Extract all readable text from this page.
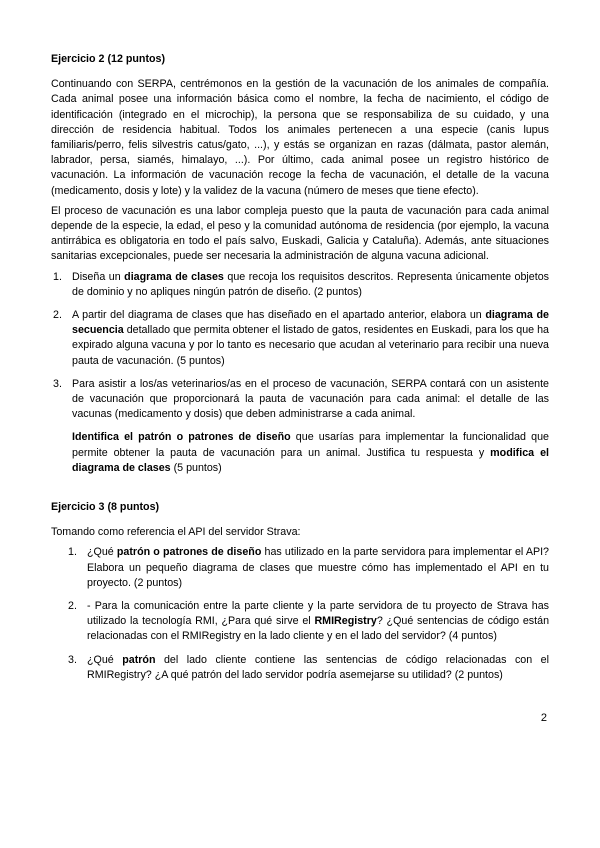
Ejercicio 2 (12 puntos)

Continuando con SERPA, centrémonos en la gestión de la vacunación de los animales de compañía. Cada animal posee una información básica como el nombre, la fecha de nacimiento, el código de identificación (integrado en el microchip), la persona que se responsabiliza de su cuidado, y una dirección de residencia habitual. Todos los animales pertenecen a una especie (canis lupus familiaris/perro, felis silvestris catus/gato, ...), y estás se organizan en razas (dálmata, pastor alemán, labrador, persa, siamés, himalayo, ...). Por último, cada animal posee un registro histórico de vacunación. La información de vacunación recoge la fecha de vacunación, el detalle de la vacuna (medicamento, dosis y lote) y la validez de la vacuna (número de meses que tiene efecto).

El proceso de vacunación es una labor compleja puesto que la pauta de vacunación para cada animal depende de la especie, la edad, el peso y la comunidad autónoma de residencia (por ejemplo, la vacuna antirrábica es obligatoria en todo el país salvo, Euskadi, Galicia y Cataluña). Además, ante situaciones sanitarias excepcionales, puede ser necesaria la administración de alguna vacuna adicional.

1. Diseña un diagrama de clases que recoja los requisitos descritos. Representa únicamente objetos de dominio y no apliques ningún patrón de diseño. (2 puntos)

2. A partir del diagrama de clases que has diseñado en el apartado anterior, elabora un diagrama de secuencia detallado que permita obtener el listado de gatos, residentes en Euskadi, para los que ha expirado alguna vacuna y por lo tanto es necesario que acudan al veterinario para recibir una nueva pauta de vacunación. (5 puntos)

3. Para asistir a los/as veterinarios/as en el proceso de vacunación, SERPA contará con un asistente de vacunación que proporcionará la pauta de vacunación para cada animal: el detalle de las vacunas (medicamento y dosis) que deben administrarse a cada animal.

Identifica el patrón o patrones de diseño que usarías para implementar la funcionalidad que permite obtener la pauta de vacunación para un animal. Justifica tu respuesta y modifica el diagrama de clases (5 puntos)

Ejercicio 3 (8 puntos)

Tomando como referencia el API del servidor Strava:

1. ¿Qué patrón o patrones de diseño has utilizado en la parte servidora para implementar el API? Elabora un pequeño diagrama de clases que muestre cómo has implementado el API en tu proyecto. (2 puntos)

2. - Para la comunicación entre la parte cliente y la parte servidora de tu proyecto de Strava has utilizado la tecnología RMI, ¿Para qué sirve el RMIRegistry? ¿Qué sentencias de código están relacionadas con el RMIRegistry en la lado cliente y en el lado del servidor? (4 puntos)

3. ¿Qué patrón del lado cliente contiene las sentencias de código relacionadas con el RMIRegistry? ¿A qué patrón del lado servidor podría asemejarse su utilidad? (2 puntos)

2
